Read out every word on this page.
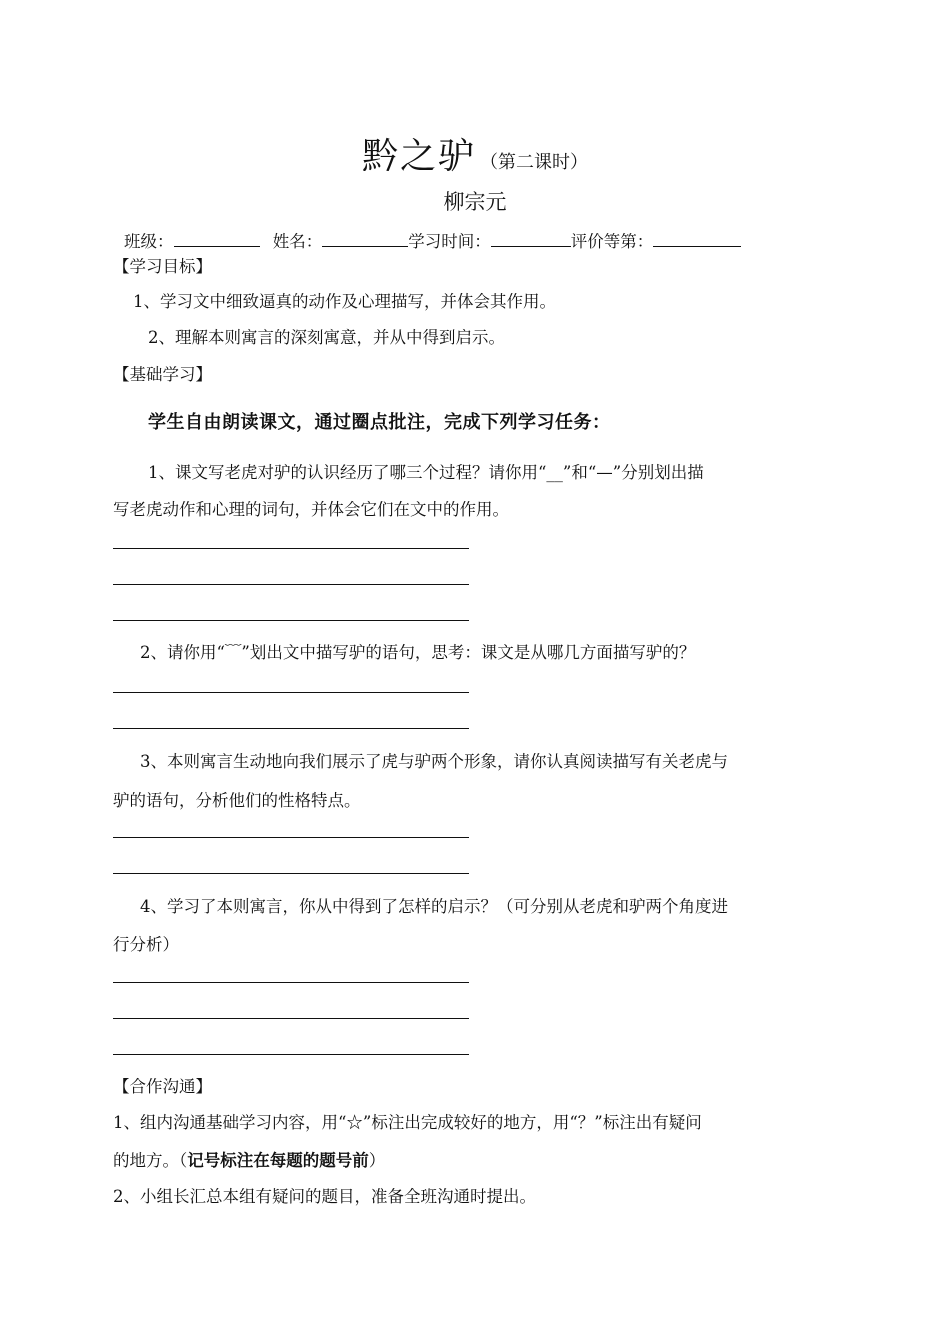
黔之驴 （第二课时）
柳宗元
班级：	姓名：	学习时间：	评价等第：
【学习目标】
1、学习文中细致逼真的动作及心理描写，并体会其作用。
2、理解本则寓言的深刻寓意，并从中得到启示。
【基础学习】
学生自由朗读课文，通过圈点批注，完成下列学习任务：
1、课文写老虎对驴的认识经历了哪三个过程？请你用“__”和“—”分别划出描
写老虎动作和心理的词句，并体会它们在文中的作用。
2、请你用“﹋”划出文中描写驴的语句，思考：课文是从哪几方面描写驴的？
3、本则寓言生动地向我们展示了虎与驴两个形象，请你认真阅读描写有关老虎与
驴的语句，分析他们的性格特点。
4、学习了本则寓言，你从中得到了怎样的启示？（可分别从老虎和驴两个角度进
行分析）
【合作沟通】
1、组内沟通基础学习内容，用“☆”标注出完成较好的地方，用“？”标注出有疑问
的地方。（记号标注在每题的题号前）
2、小组长汇总本组有疑问的题目，准备全班沟通时提出。
